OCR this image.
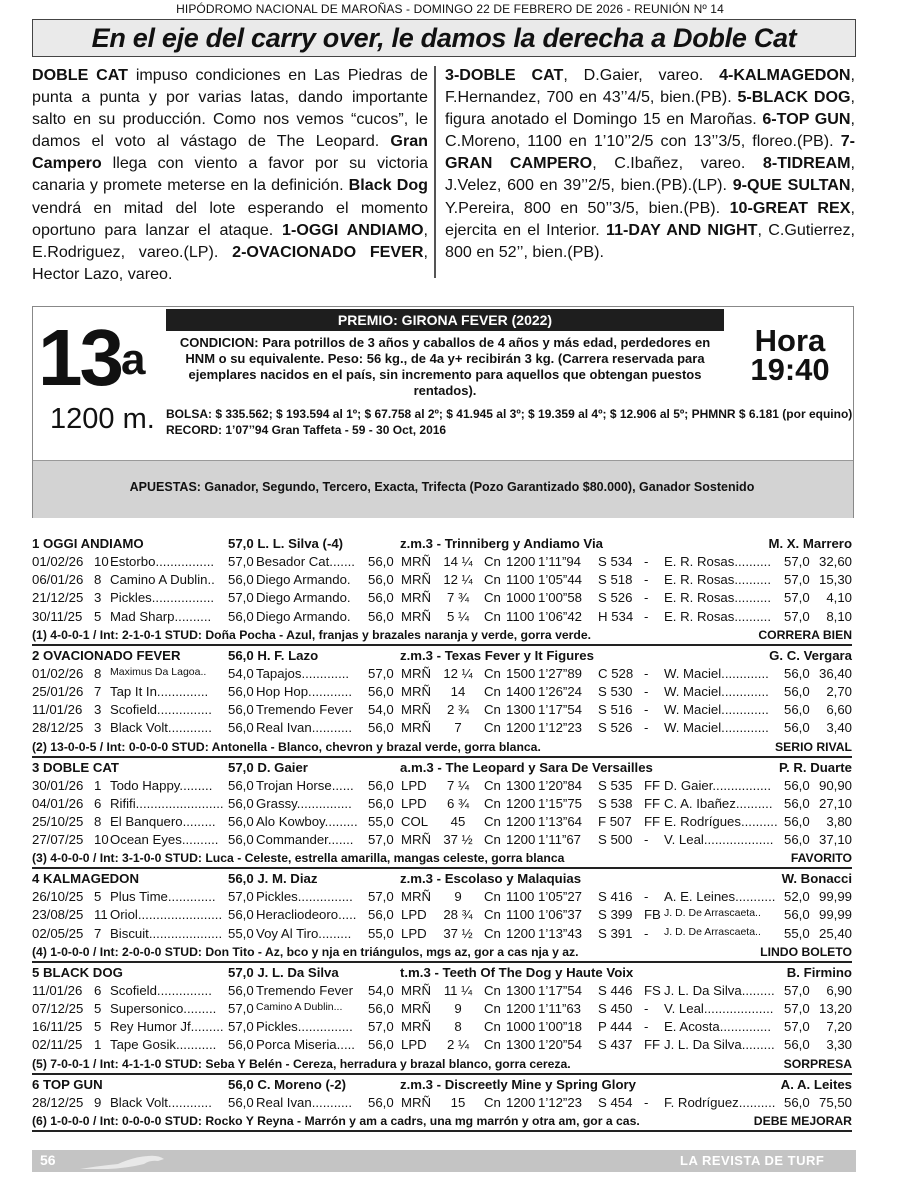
HIPÓDROMO NACIONAL DE MAROÑAS - DOMINGO 22 DE FEBRERO DE 2026 - REUNIÓN Nº 14
En el eje del carry over, le damos la derecha a Doble Cat
DOBLE CAT impuso condiciones en Las Piedras de punta a punta y por varias latas, dando importante salto en su producción. Como nos vemos “cucos”, le damos el voto al vástago de The Leopard. Gran Campero llega con viento a favor por su victoria canaria y promete meterse en la definición. Black Dog vendrá en mitad del lote esperando el momento oportuno para lanzar el ataque. 1-OGGI ANDIAMO, E.Rodriguez, vareo.(LP). 2-OVACIONADO FEVER, Hector Lazo, vareo.
3-DOBLE CAT, D.Gaier, vareo. 4-KALMAGEDON, F.Hernandez, 700 en 43’’4/5, bien.(PB). 5-BLACK DOG, figura anotado el Domingo 15 en Maroñas. 6-TOP GUN, C.Moreno, 1100 en 1’10’’2/5 con 13’’3/5, floreo.(PB). 7-GRAN CAMPERO, C.Ibañez, vareo. 8-TIDREAM, J.Velez, 600 en 39’’2/5, bien.(PB).(LP). 9-QUE SULTAN, Y.Pereira, 800 en 50’’3/5, bien.(PB). 10-GREAT REX, ejercita en el Interior. 11-DAY AND NIGHT, C.Gutierrez, 800 en 52’’, bien.(PB).
PREMIO: GIRONA FEVER (2022)
13$^a$
1200 m.
Hora
19:40
CONDICION: Para potrillos de 3 años y caballos de 4 años y más edad, perdedores en HNM o su equivalente. Peso: 56 kg., de 4a y+ recibirán 3 kg. (Carrera reservada para ejemplares nacidos en el país, sin incremento para aquellos que obtengan puestos rentados).
BOLSA: $ 335.562; $ 193.594 al 1º; $ 67.758 al 2º; $ 41.945 al 3º; $ 19.359 al 4º; $ 12.906 al 5º; PHMNR $ 6.181 (por equino) RECORD: 1’07’’94 Gran Taffeta - 59 - 30 Oct, 2016
APUESTAS: Ganador, Segundo, Tercero, Exacta, Trifecta (Pozo Garantizado $80.000), Ganador Sostenido
1 OGGI ANDIAMO	57,0 L. L. Silva (-4)	z.m.3 - Trinniberg y Andiamo Via	M. X. Marrero
01/02/26 10 Estorbo................ 57,0 Besador Cat....... 56,0 MRÑ 14 ¼ Cn 1200 1’11”94 S 534 - E. R. Rosas.......... 57,0 32,60
06/01/26 8 Camino A Dublin.. 56,0 Diego Armando. 56,0 MRÑ 12 ¼ Cn 1100 1’05”44 S 518 - E. R. Rosas.......... 57,0 15,30
21/12/25 3 Pickles................. 57,0 Diego Armando. 56,0 MRÑ	7 ¾	Cn 1000 1’00”58 S 526 - E. R. Rosas.......... 57,0 4,10
30/11/25 5 Mad Sharp.......... 56,0 Diego Armando. 56,0 MRÑ	5 ¼	Cn 1100 1’06”42 H 534 - E. R. Rosas.......... 57,0 8,10
(1) 4-0-0-1 / Int: 2-1-0-1 STUD: Doña Pocha - Azul, franjas y brazales naranja y verde, gorra verde.	CORRERA BIEN
2 OVACIONADO FEVER	56,0 H. F. Lazo	z.m.3 - Texas Fever y It Figures	G. C. Vergara
01/02/26 8 Maximus Da Lagoa.. 54,0 Tapajos............. 57,0 MRÑ 12 ¼ Cn 1500 1’27”89 C 528 - W. Maciel............. 56,0 36,40
25/01/26 7 Tap It In.............. 56,0 Hop Hop............ 56,0 MRÑ	14	Cn 1400 1’26”24 S 530 - W. Maciel............. 56,0 2,70
11/01/26 3 Scofield............... 56,0 Tremendo Fever 54,0 MRÑ	2 ¾	Cn 1300 1’17”54 S 516 - W. Maciel............. 56,0 6,60
28/12/25 3 Black Volt............ 56,0 Real Ivan........... 56,0 MRÑ	7	Cn 1200 1’12”23 S 526 - W. Maciel............. 56,0 3,40
(2) 13-0-0-5 / Int: 0-0-0-0 STUD: Antonella - Blanco, chevron y brazal verde, gorra blanca.	SERIO RIVAL
3 DOBLE CAT	57,0 D. Gaier	a.m.3 - The Leopard y Sara De Versailles	P. R. Duarte
30/01/26 1 Todo Happy......... 56,0 Trojan Horse...... 56,0 LPD	7 ¼	Cn 1300 1’20”84 S 535 FF D. Gaier................ 56,0 90,90
04/01/26 6 Rififi........................ 56,0 Grassy............... 56,0 LPD	6 ¾	Cn 1200 1’15”75 S 538 FF C. A. Ibañez.......... 56,0 27,10
25/10/25 8 El Banquero......... 56,0 Alo Kowboy......... 55,0 COL	45	Cn 1200 1’13”64 F 507 FF E. Rodrígues.......... 56,0 3,80
27/07/25 10 Ocean Eyes.......... 56,0 Commander....... 57,0 MRÑ 37 ½ Cn 1200 1’11”67 S 500 - V. Leal................... 56,0 37,10
(3) 4-0-0-0 / Int: 3-1-0-0 STUD: Luca - Celeste, estrella amarilla, mangas celeste, gorra blanca	FAVORITO
4 KALMAGEDON	56,0 J. M. Diaz	z.m.3 - Escolaso y Malaquias	W. Bonacci
26/10/25 5 Plus Time............. 57,0 Pickles............... 57,0 MRÑ	9	Cn 1100 1’05”27 S 416 - A. E. Leines........... 52,0 99,99
23/08/25 11 Oriol....................... 56,0 Heracliodeoro..... 56,0 LPD 28 ¾ Cn 1100 1’06”37 S 399 FB J. D. De Arrascaeta.. 56,0 99,99
02/05/25 7 Biscuit.................... 55,0 Voy Al Tiro......... 55,0 LPD 37 ½ Cn 1200 1’13”43 S 391 - J. D. De Arrascaeta.. 55,0 25,40
(4) 1-0-0-0 / Int: 2-0-0-0 STUD: Don Tito - Az, bco y nja en triángulos, mgs az, gor a cas nja y az.	LINDO BOLETO
5 BLACK DOG	57,0 J. L. Da Silva	t.m.3 - Teeth Of The Dog y Haute Voix	B. Firmino
11/01/26 6 Scofield............... 56,0 Tremendo Fever 54,0 MRÑ 11 ¼ Cn 1300 1’17”54 S 446 FS J. L. Da Silva......... 57,0 6,90
07/12/25 5 Supersonico......... 57,0 Camino A Dublin... 56,0 MRÑ	9	Cn 1200 1’11”63 S 450 - V. Leal................... 57,0 13,20
16/11/25 5 Rey Humor Jf......... 57,0 Pickles............... 57,0 MRÑ	8	Cn 1000 1’00”18 P 444 - E. Acosta.............. 57,0 7,20
02/11/25 1 Tape Gosik........... 56,0 Porca Miseria..... 56,0 LPD	2 ¼	Cn 1300 1’20”54 S 437 FF J. L. Da Silva......... 56,0 3,30
(5) 7-0-0-1 / Int: 4-1-1-0 STUD: Seba Y Belén - Cereza, herradura y brazal blanco, gorra cereza.	SORPRESA
6 TOP GUN	56,0 C. Moreno (-2)	z.m.3 - Discreetly Mine y Spring Glory	A. A. Leites
28/12/25 9 Black Volt............ 56,0 Real Ivan........... 56,0 MRÑ	15	Cn 1200 1’12”23 S 454 - F. Rodríguez.......... 56,0 75,50
(6) 1-0-0-0 / Int: 0-0-0-0 STUD: Rocko Y Reyna - Marrón y am a cadrs, una mg marrón y otra am, gor a cas.	DEBE MEJORAR
56	LA REVISTA DE TURF
